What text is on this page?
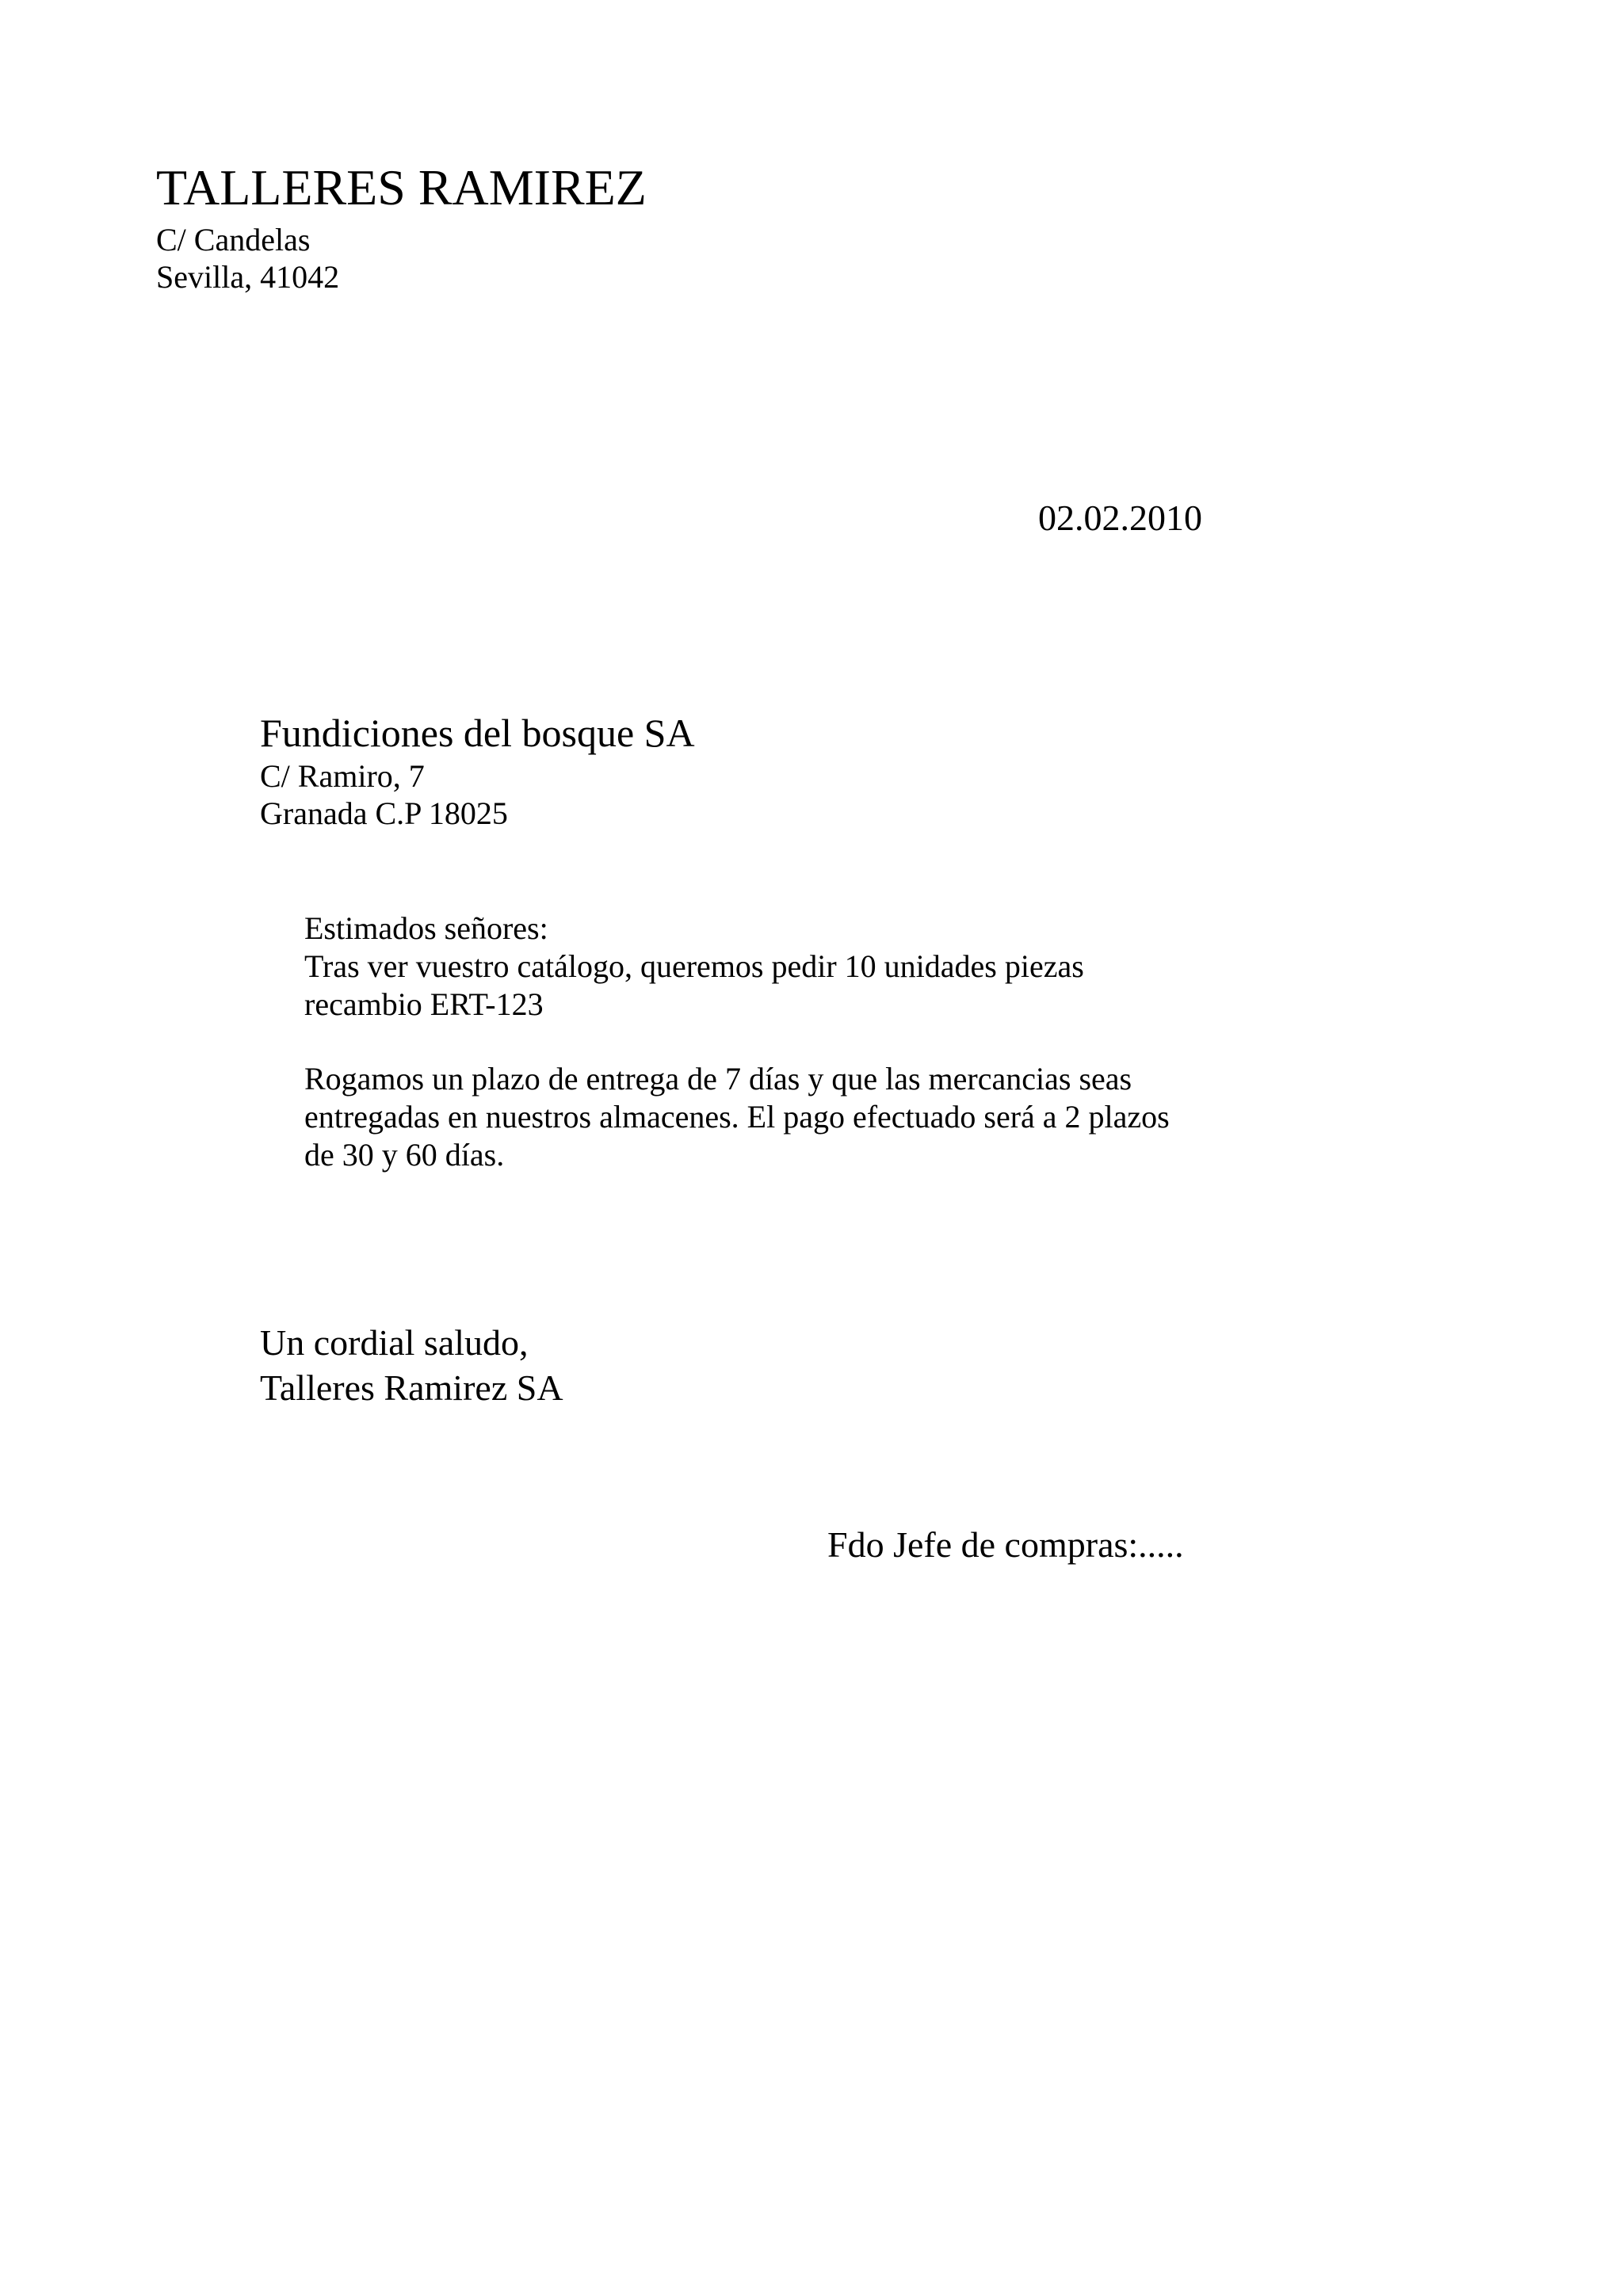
TALLERES RAMIREZ
C/ Candelas
Sevilla, 41042
02.02.2010
Fundiciones del bosque SA
C/ Ramiro, 7
Granada C.P 18025
Estimados señores:
Tras ver vuestro catálogo, queremos pedir 10 unidades piezas
recambio ERT-123
Rogamos un plazo de entrega de 7 días y que las mercancias seas
entregadas en nuestros almacenes. El pago efectuado será a 2 plazos
de 30 y 60 días.
Un cordial saludo,
Talleres Ramirez SA
Fdo Jefe de compras:.....
